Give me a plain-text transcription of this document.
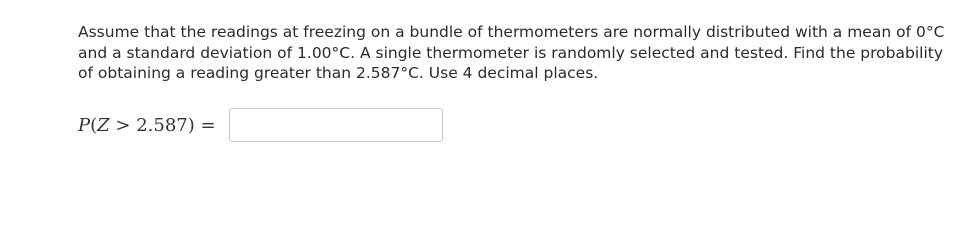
Assume that the readings at freezing on a bundle of thermometers are normally distributed with a mean of 0°C and a standard deviation of 1.00°C. A single thermometer is randomly selected and tested. Find the probability of obtaining a reading greater than 2.587°C. Use 4 decimal places.

P(Z > 2.587) =
